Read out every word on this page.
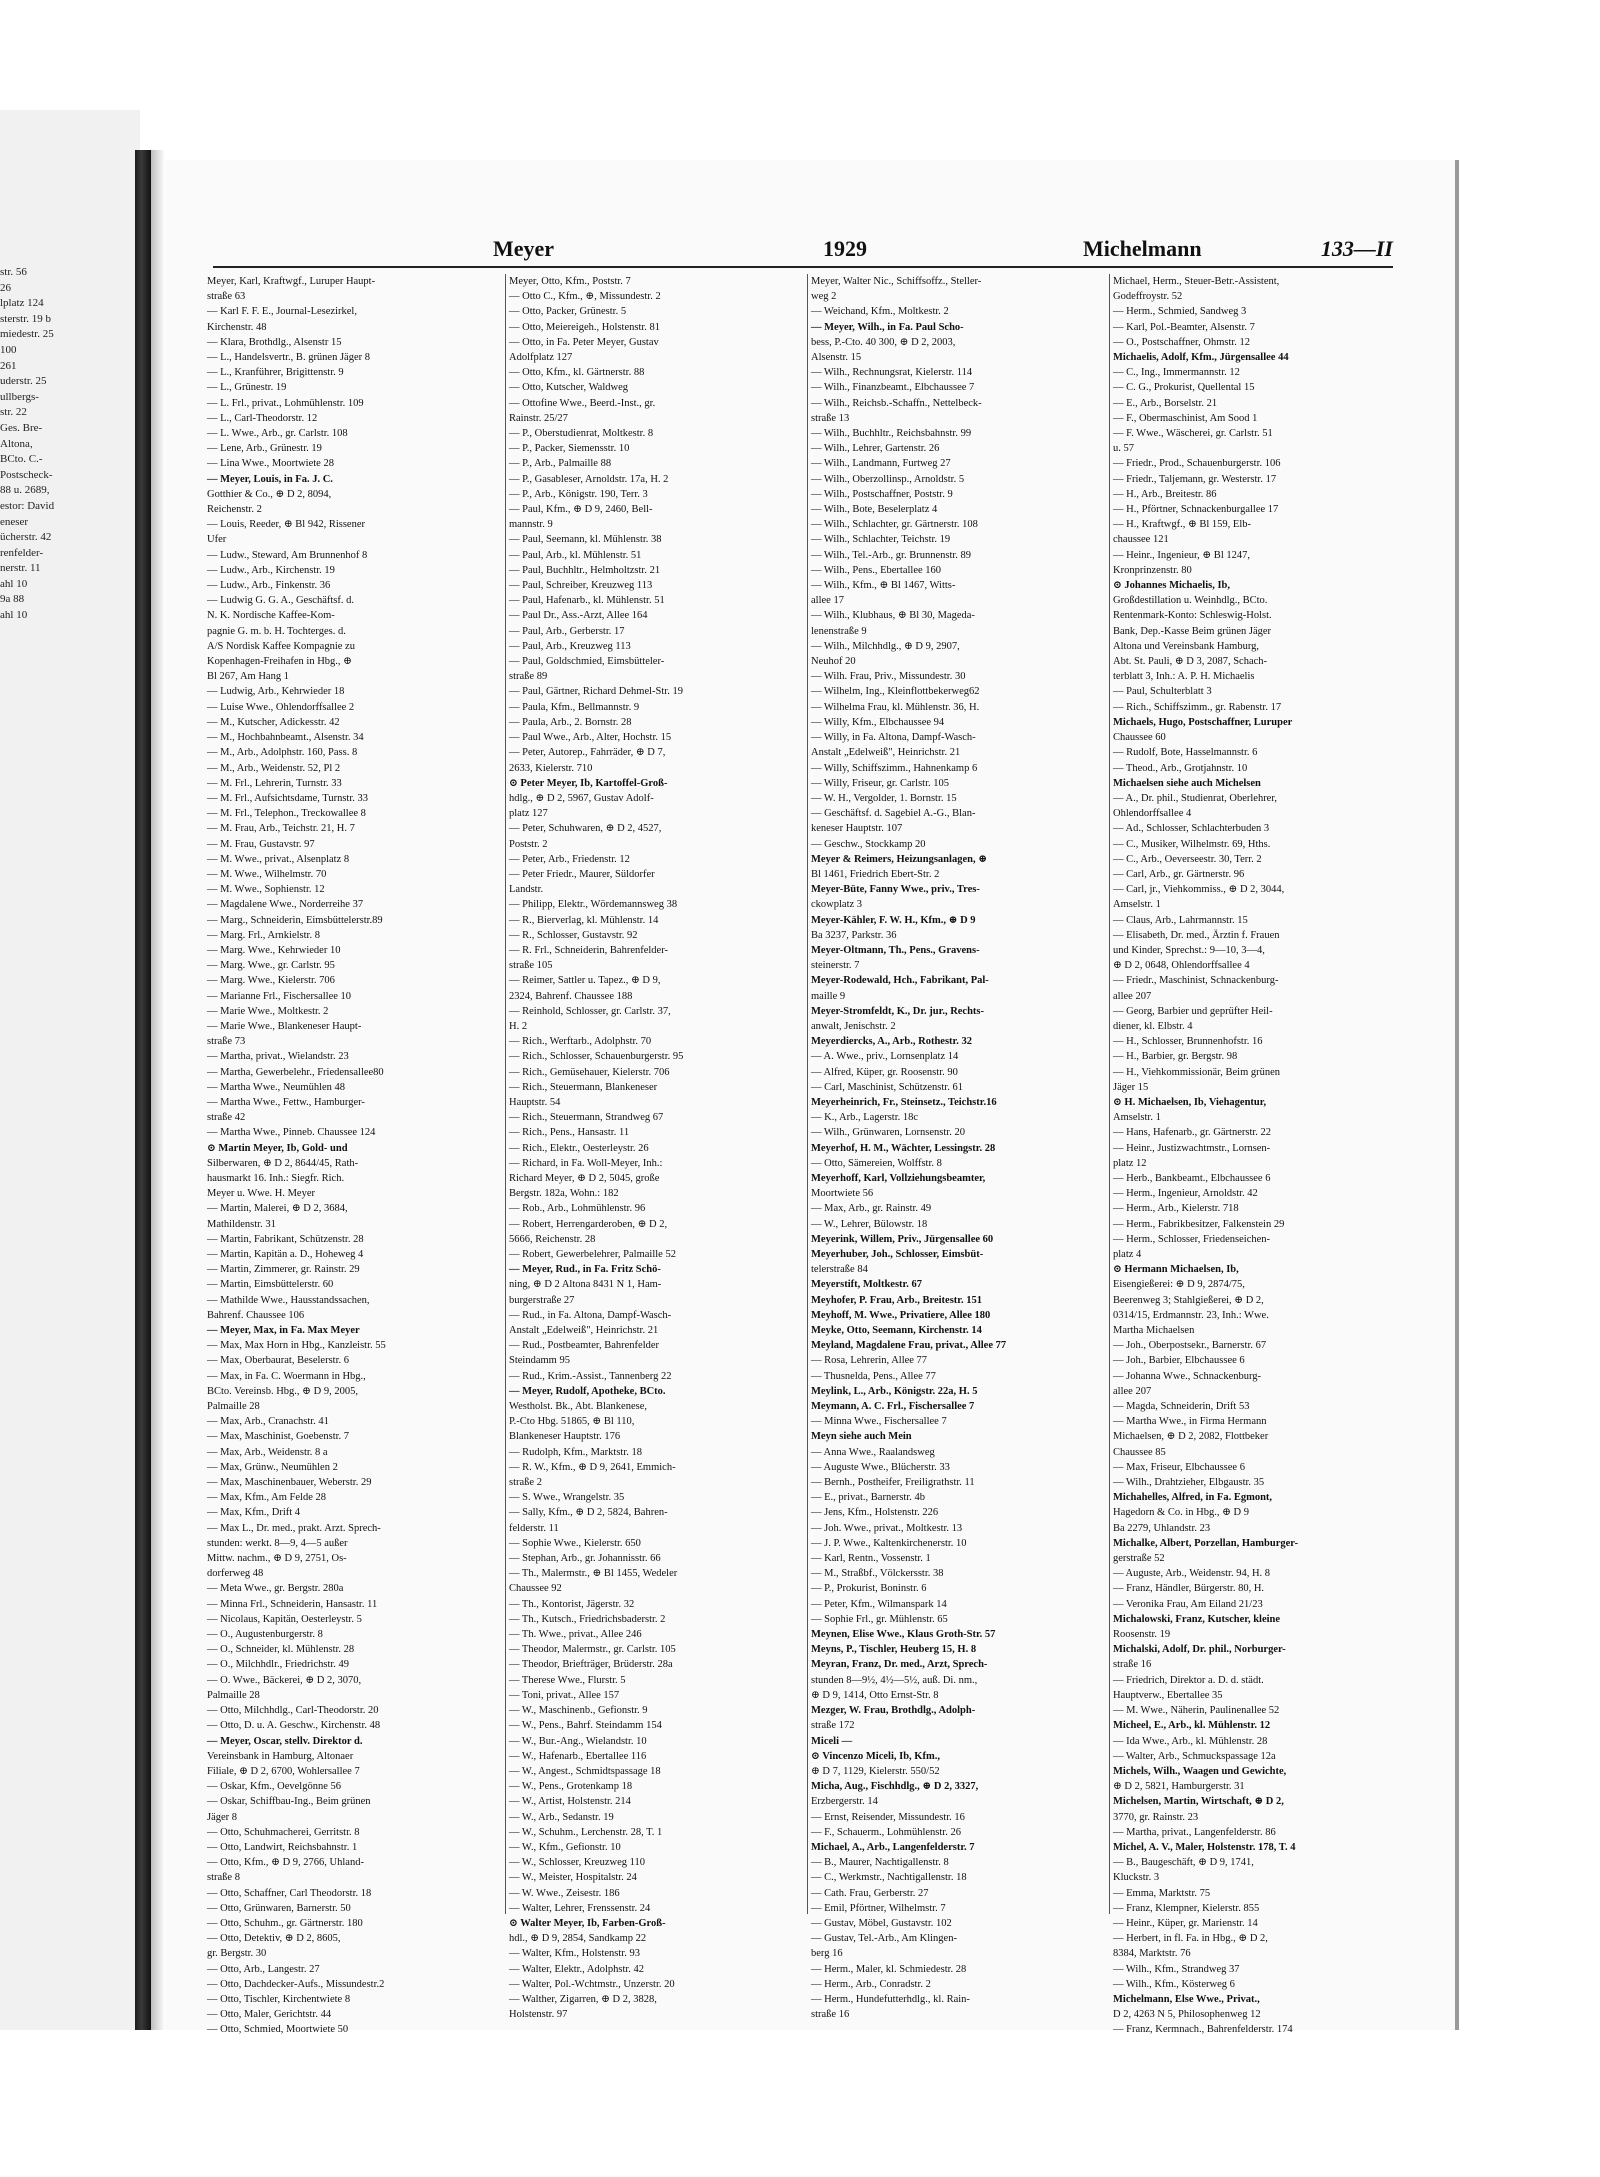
str. 56
26
lplatz 124
sterstr. 19 b
miedestr. 25
100
261
uderstr. 25
ullbergs-
str. 22
Ges. Bre-
Altona,
BCto. C.-
Postscheck-
88 u. 2689,
estor: David
eneser
ücherstr. 42
renfelder-
nerstr. 11
ahl 10
9a 88
ahl 10
Meyer	1929	Michelmann	133—II
Meyer, Karl, Kraftwgf., Luruper Haupt-
straße 63
— Karl F. F. E., Journal-Lesezirkel,
Kirchenstr. 48
— Klara, Brothdlg., Alsenstr 15
— L., Handelsvertr., B. grünen Jäger 8
— L., Kranführer, Brigittenstr. 9
— L., Grünestr. 19
— L. Frl., privat., Lohmühlenstr. 109
— L., Carl-Theodorstr. 12
— L. Wwe., Arb., gr. Carlstr. 108
— Lene, Arb., Grünestr. 19
— Lina Wwe., Moortwiete 28
— Meyer, Louis, in Fa. J. C.
Gotthier & Co., ⊕ D 2, 8094,
Reichenstr. 2
— Louis, Reeder, ⊕ Bl 942, Rissener
Ufer
— Ludw., Steward, Am Brunnenhof 8
— Ludw., Arb., Kirchenstr. 19
— Ludw., Arb., Finkenstr. 36
— Ludwig G. G. A., Geschäftsf. d.
N. K. Nordische Kaffee-Kom-
pagnie G. m. b. H. Tochterges. d.
A/S Nordisk Kaffee Kompagnie zu
Kopenhagen-Freihafen in Hbg., ⊕
Bl 267, Am Hang 1
— Ludwig, Arb., Kehrwieder 18
— Luise Wwe., Ohlendorffsallee 2
— M., Kutscher, Adickesstr. 42
— M., Hochbahnbeamt., Alsenstr. 34
— M., Arb., Adolphstr. 160, Pass. 8
— M., Arb., Weidenstr. 52, Pl 2
— M. Frl., Lehrerin, Turnstr. 33
— M. Frl., Aufsichtsdame, Turnstr. 33
— M. Frl., Telephon., Treckowallee 8
— M. Frau, Arb., Teichstr. 21, H. 7
— M. Frau, Gustavstr. 97
— M. Wwe., privat., Alsenplatz 8
— M. Wwe., Wilhelmstr. 70
— M. Wwe., Sophienstr. 12
— Magdalene Wwe., Norderreihe 37
— Marg., Schneiderin, Eimsbüttelerstr.89
— Marg. Frl., Arnkielstr. 8
— Marg. Wwe., Kehrwieder 10
— Marg. Wwe., gr. Carlstr. 95
— Marg. Wwe., Kielerstr. 706
— Marianne Frl., Fischersallee 10
— Marie Wwe., Moltkestr. 2
— Marie Wwe., Blankeneser Haupt-
straße 73
— Martha, privat., Wielandstr. 23
— Martha, Gewerbelehr., Friedensallee80
— Martha Wwe., Neumühlen 48
— Martha Wwe., Fettw., Hamburger-
straße 42
— Martha Wwe., Pinneb. Chaussee 124
⊙ Martin Meyer, Ib, Gold- und
Silberwaren, ⊕ D 2, 8644/45, Rath-
hausmarkt 16. Inh.: Siegfr. Rich.
Meyer u. Wwe. H. Meyer
— Martin, Malerei, ⊕ D 2, 3684,
Mathildenstr. 31
— Martin, Fabrikant, Schützenstr. 28
— Martin, Kapitän a. D., Hoheweg 4
— Martin, Zimmerer, gr. Rainstr. 29
— Martin, Eimsbüttelerstr. 60
— Mathilde Wwe., Hausstandssachen,
Bahrenf. Chaussee 106
— Meyer, Max, in Fa. Max Meyer
— Max, Max Horn in Hbg., Kanzleistr. 55
— Max, Oberbaurat, Beselerstr. 6
— Max, in Fa. C. Woermann in Hbg.,
BCto. Vereinsb. Hbg., ⊕ D 9, 2005,
Palmaille 28
— Max, Arb., Cranachstr. 41
— Max, Maschinist, Goebenstr. 7
— Max, Arb., Weidenstr. 8 a
— Max, Grünw., Neumühlen 2
— Max, Maschinenbauer, Weberstr. 29
— Max, Kfm., Am Felde 28
— Max, Kfm., Drift 4
— Max L., Dr. med., prakt. Arzt. Sprech-
stunden: werkt. 8—9, 4—5 außer
Mittw. nachm., ⊕ D 9, 2751, Os-
dorferweg 48
— Meta Wwe., gr. Bergstr. 280a
— Minna Frl., Schneiderin, Hansastr. 11
— Nicolaus, Kapitän, Oesterleystr. 5
— O., Augustenburgerstr. 8
— O., Schneider, kl. Mühlenstr. 28
— O., Milchhdlr., Friedrichstr. 49
— O. Wwe., Bäckerei, ⊕ D 2, 3070,
Palmaille 28
— Otto, Milchhdlg., Carl-Theodorstr. 20
— Otto, D. u. A. Geschw., Kirchenstr. 48
— Meyer, Oscar, stellv. Direktor d.
Vereinsbank in Hamburg, Altonaer
Filiale, ⊕ D 2, 6700, Wohlersallee 7
— Oskar, Kfm., Oevelgönne 56
— Oskar, Schiffbau-Ing., Beim grünen
Jäger 8
— Otto, Schuhmacherei, Gerritstr. 8
— Otto, Landwirt, Reichsbahnstr. 1
— Otto, Kfm., ⊕ D 9, 2766, Uhland-
straße 8
— Otto, Schaffner, Carl Theodorstr. 18
— Otto, Grünwaren, Barnerstr. 50
— Otto, Schuhm., gr. Gärtnerstr. 180
— Otto, Detektiv, ⊕ D 2, 8605,
gr. Bergstr. 30
— Otto, Arb., Langestr. 27
— Otto, Dachdecker-Aufs., Missundestr.2
— Otto, Tischler, Kirchentwiete 8
— Otto, Maler, Gerichtstr. 44
— Otto, Schmied, Moortwiete 50
Meyer, Otto, Kfm., Poststr. 7
— Otto C., Kfm., ⊕, Missundestr. 2
— Otto, Packer, Grünestr. 5
— Otto, Meiereigeh., Holstenstr. 81
— Otto, in Fa. Peter Meyer, Gustav
Adolfplatz 127
— Otto, Kfm., kl. Gärtnerstr. 88
— Otto, Kutscher, Waldweg
— Ottofine Wwe., Beerd.-Inst., gr.
Rainstr. 25/27
— P., Oberstudienrat, Moltkestr. 8
— P., Packer, Siemensstr. 10
— P., Arb., Palmaille 88
— P., Gasableser, Arnoldstr. 17a, H. 2
— P., Arb., Königstr. 190, Terr. 3
— Paul, Kfm., ⊕ D 9, 2460, Bell-
mannstr. 9
— Paul, Seemann, kl. Mühlenstr. 38
— Paul, Arb., kl. Mühlenstr. 51
— Paul, Buchhltr., Helmholtzstr. 21
— Paul, Schreiber, Kreuzweg 113
— Paul, Hafenarb., kl. Mühlenstr. 51
— Paul Dr., Ass.-Arzt, Allee 164
— Paul, Arb., Gerberstr. 17
— Paul, Arb., Kreuzweg 113
— Paul, Goldschmied, Eimsbütteler-
straße 89
— Paul, Gärtner, Richard Dehmel-Str. 19
— Paula, Kfm., Bellmannstr. 9
— Paula, Arb., 2. Bornstr. 28
— Paul Wwe., Arb., Alter, Hochstr. 15
— Peter, Autorep., Fahrräder, ⊕ D 7,
2633, Kielerstr. 710
⊙ Peter Meyer, Ib, Kartoffel-Groß-
hdlg., ⊕ D 2, 5967, Gustav Adolf-
platz 127
— Peter, Schuhwaren, ⊕ D 2, 4527,
Poststr. 2
— Peter, Arb., Friedenstr. 12
— Peter Friedr., Maurer, Süldorfer
Landstr.
— Philipp, Elektr., Wördemannsweg 38
— R., Bierverlag, kl. Mühlenstr. 14
— R., Schlosser, Gustavstr. 92
— R. Frl., Schneiderin, Bahrenfelder-
straße 105
— Reimer, Sattler u. Tapez., ⊕ D 9,
2324, Bahrenf. Chaussee 188
— Reinhold, Schlosser, gr. Carlstr. 37,
H. 2
— Rich., Werftarb., Adolphstr. 70
— Rich., Schlosser, Schauenburgerstr. 95
— Rich., Gemüsehauer, Kielerstr. 706
— Rich., Steuermann, Blankeneser
Hauptstr. 54
— Rich., Steuermann, Strandweg 67
— Rich., Pens., Hansastr. 11
— Rich., Elektr., Oesterleystr. 26
— Richard, in Fa. Woll-Meyer, Inh.:
Richard Meyer, ⊕ D 2, 5045, große
Bergstr. 182a, Wohn.: 182
— Rob., Arb., Lohmühlenstr. 96
— Robert, Herrengarderoben, ⊕ D 2,
5666, Reichenstr. 28
— Robert, Gewerbelehrer, Palmaille 52
— Meyer, Rud., in Fa. Fritz Schö-
ning, ⊕ D 2 Altona 8431 N 1, Ham-
burgerstraße 27
— Rud., in Fa. Altona, Dampf-Wasch-
Anstalt „Edelweiß", Heinrichstr. 21
— Rud., Postbeamter, Bahrenfelder
Steindamm 95
— Rud., Krim.-Assist., Tannenberg 22
— Meyer, Rudolf, Apotheke, BCto.
Westholst. Bk., Abt. Blankenese,
P.-Cto Hbg. 51865, ⊕ Bl 110,
Blankeneser Hauptstr. 176
— Rudolph, Kfm., Marktstr. 18
— R. W., Kfm., ⊕ D 9, 2641, Emmich-
straße 2
— S. Wwe., Wrangelstr. 35
— Sally, Kfm., ⊕ D 2, 5824, Bahren-
felderstr. 11
— Sophie Wwe., Kielerstr. 650
— Stephan, Arb., gr. Johannisstr. 66
— Th., Malermstr., ⊕ Bl 1455, Wedeler
Chaussee 92
— Th., Kontorist, Jägerstr. 32
— Th., Kutsch., Friedrichsbaderstr. 2
— Th. Wwe., privat., Allee 246
— Theodor, Malermstr., gr. Carlstr. 105
— Theodor, Briefträger, Brüderstr. 28a
— Therese Wwe., Flurstr. 5
— Toni, privat., Allee 157
— W., Maschinenb., Gefionstr. 9
— W., Pens., Bahrf. Steindamm 154
— W., Bur.-Ang., Wielandstr. 10
— W., Hafenarb., Ebertallee 116
— W., Angest., Schmidtspassage 18
— W., Pens., Grotenkamp 18
— W., Artist, Holstenstr. 214
— W., Arb., Sedanstr. 19
— W., Schuhm., Lerchenstr. 28, T. 1
— W., Kfm., Gefionstr. 10
— W., Schlosser, Kreuzweg 110
— W., Meister, Hospitalstr. 24
— W. Wwe., Zeisestr. 186
— Walter, Lehrer, Frenssenstr. 24
⊙ Walter Meyer, Ib, Farben-Groß-
hdl., ⊕ D 9, 2854, Sandkamp 22
— Walter, Kfm., Holstenstr. 93
— Walter, Elektr., Adolphstr. 42
— Walter, Pol.-Wchtmstr., Unzerstr. 20
— Walther, Zigarren, ⊕ D 2, 3828,
Holstenstr. 97
Meyer, Walter Nic., Schiffsoffz., Steller-
weg 2
— Weichand, Kfm., Moltkestr. 2
— Meyer, Wilh., in Fa. Paul Scho-
bess, P.-Cto. 40 300, ⊕ D 2, 2003,
Alsenstr. 15
— Wilh., Rechnungsrat, Kielerstr. 114
— Wilh., Finanzbeamt., Elbchaussee 7
— Wilh., Reichsb.-Schaffn., Nettelbeck-
straße 13
— Wilh., Buchhltr., Reichsbahnstr. 99
— Wilh., Lehrer, Gartenstr. 26
— Wilh., Landmann, Furtweg 27
— Wilh., Oberzollinsp., Arnoldstr. 5
— Wilh., Postschaffner, Poststr. 9
— Wilh., Bote, Beselerplatz 4
— Wilh., Schlachter, gr. Gärtnerstr. 108
— Wilh., Schlachter, Teichstr. 19
— Wilh., Tel.-Arb., gr. Brunnenstr. 89
— Wilh., Pens., Ebertallee 160
— Wilh., Kfm., ⊕ Bl 1467, Witts-
allee 17
— Wilh., Klubhaus, ⊕ Bl 30, Mageda-
lenenstraße 9
— Wilh., Milchhdlg., ⊕ D 9, 2907,
Neuhof 20
— Wilh. Frau, Priv., Missundestr. 30
— Wilhelm, Ing., Kleinflottbekerweg62
— Wilhelma Frau, kl. Mühlenstr. 36, H.
— Willy, Kfm., Elbchaussee 94
— Willy, in Fa. Altona, Dampf-Wasch-
Anstalt „Edelweiß", Heinrichstr. 21
— Willy, Schiffszimm., Hahnenkamp 6
— Willy, Friseur, gr. Carlstr. 105
— W. H., Vergolder, 1. Bornstr. 15
— Geschäftsf. d. Sagebiel A.-G., Blan-
keneser Hauptstr. 107
— Geschw., Stockkamp 20
Meyer & Reimers, Heizungsanlagen, ⊕
Bl 1461, Friedrich Ebert-Str. 2
Meyer-Büte, Fanny Wwe., priv., Tres-
ckowplatz 3
Meyer-Kähler, F. W. H., Kfm., ⊕ D 9
Ba 3237, Parkstr. 36
Meyer-Oltmann, Th., Pens., Gravens-
steinerstr. 7
Meyer-Rodewald, Hch., Fabrikant, Pal-
maille 9
Meyer-Stromfeldt, K., Dr. jur., Rechts-
anwalt, Jenischstr. 2
Meyerdiercks, A., Arb., Rothestr. 32
— A. Wwe., priv., Lornsenplatz 14
— Alfred, Küper, gr. Roosenstr. 90
— Carl, Maschinist, Schützenstr. 61
Meyerheinrich, Fr., Steinsetz., Teichstr.16
— K., Arb., Lagerstr. 18c
— Wilh., Grünwaren, Lornsenstr. 20
Meyerhof, H. M., Wächter, Lessingstr. 28
— Otto, Sämereien, Wolffstr. 8
Meyerhoff, Karl, Vollziehungsbeamter,
Moortwiete 56
— Max, Arb., gr. Rainstr. 49
— W., Lehrer, Bülowstr. 18
Meyerink, Willem, Priv., Jürgensallee 60
Meyerhuber, Joh., Schlosser, Eimsbüt-
telerstraße 84
Meyerstift, Moltkestr. 67
Meyhofer, P. Frau, Arb., Breitestr. 151
Meyhoff, M. Wwe., Privatiere, Allee 180
Meyke, Otto, Seemann, Kirchenstr. 14
Meyland, Magdalene Frau, privat., Allee 77
— Rosa, Lehrerin, Allee 77
— Thusnelda, Pens., Allee 77
Meylink, L., Arb., Königstr. 22a, H. 5
Meymann, A. C. Frl., Fischersallee 7
— Minna Wwe., Fischersallee 7
Meyn siehe auch Mein
— Anna Wwe., Raalandsweg
— Auguste Wwe., Blücherstr. 33
— Bernh., Postheifer, Freiligrathstr. 11
— E., privat., Barnerstr. 4b
— Jens, Kfm., Holstenstr. 226
— Joh. Wwe., privat., Moltkestr. 13
— J. P. Wwe., Kaltenkirchenerstr. 10
— Karl, Rentn., Vossenstr. 1
— M., Straßbf., Völckersstr. 38
— P., Prokurist, Boninstr. 6
— Peter, Kfm., Wilmanspark 14
— Sophie Frl., gr. Mühlenstr. 65
Meynen, Elise Wwe., Klaus Groth-Str. 57
Meyns, P., Tischler, Heuberg 15, H. 8
Meyran, Franz, Dr. med., Arzt, Sprech-
stunden 8—9½, 4½—5½, auß. Di. nm.,
⊕ D 9, 1414, Otto Ernst-Str. 8
Mezger, W. Frau, Brothdlg., Adolph-
straße 172
Miceli —
⊙ Vincenzo Miceli, Ib, Kfm.,
⊕ D 7, 1129, Kielerstr. 550/52
Micha, Aug., Fischhdlg., ⊕ D 2, 3327,
Erzbergerstr. 14
— Ernst, Reisender, Missundestr. 16
— F., Schauerm., Lohmühlenstr. 26
Michael, A., Arb., Langenfelderstr. 7
— B., Maurer, Nachtigallenstr. 8
— C., Werkmstr., Nachtigallenstr. 18
— Cath. Frau, Gerberstr. 27
— Emil, Pförtner, Wilhelmstr. 7
— Gustav, Möbel, Gustavstr. 102
— Gustav, Tel.-Arb., Am Klingen-
berg 16
— Herm., Maler, kl. Schmiedestr. 28
— Herm., Arb., Conradstr. 2
— Herm., Hundefutterhdlg., kl. Rain-
straße 16
Michael, Herm., Steuer-Betr.-Assistent,
Godeffroystr. 52
— Herm., Schmied, Sandweg 3
— Karl, Pol.-Beamter, Alsenstr. 7
— O., Postschaffner, Ohmstr. 12
Michaelis, Adolf, Kfm., Jürgensallee 44
— C., Ing., Immermannstr. 12
— C. G., Prokurist, Quellental 15
— E., Arb., Borselstr. 21
— F., Obermaschinist, Am Sood 1
— F. Wwe., Wäscherei, gr. Carlstr. 51
u. 57
— Friedr., Prod., Schauenburgerstr. 106
— Friedr., Taljemann, gr. Westerstr. 17
— H., Arb., Breitestr. 86
— H., Pförtner, Schnackenburgallee 17
— H., Kraftwgf., ⊕ Bl 159, Elb-
chaussee 121
— Heinr., Ingenieur, ⊕ Bl 1247,
Kronprinzenstr. 80
⊙ Johannes Michaelis, Ib,
Großdestillation u. Weinhdlg., BCto.
Rentenmark-Konto: Schleswig-Holst.
Bank, Dep.-Kasse Beim grünen Jäger
Altona und Vereinsbank Hamburg,
Abt. St. Pauli, ⊕ D 3, 2087, Schach-
terblatt 3, Inh.: A. P. H. Michaelis
— Paul, Schulterblatt 3
— Rich., Schiffszimm., gr. Rabenstr. 17
Michaels, Hugo, Postschaffner, Luruper
Chaussee 60
— Rudolf, Bote, Hasselmannstr. 6
— Theod., Arb., Grotjahnstr. 10
Michaelsen siehe auch Michelsen
— A., Dr. phil., Studienrat, Oberlehrer,
Ohlendorffsallee 4
— Ad., Schlosser, Schlachterbuden 3
— C., Musiker, Wilhelmstr. 69, Hths.
— C., Arb., Oeverseestr. 30, Terr. 2
— Carl, Arb., gr. Gärtnerstr. 96
— Carl, jr., Viehkommiss., ⊕ D 2, 3044,
Amselstr. 1
— Claus, Arb., Lahrmannstr. 15
— Elisabeth, Dr. med., Ärztin f. Frauen
und Kinder, Sprechst.: 9—10, 3—4,
⊕ D 2, 0648, Ohlendorffsallee 4
— Friedr., Maschinist, Schnackenburg-
allee 207
— Georg, Barbier und geprüfter Heil-
diener, kl. Elbstr. 4
— H., Schlosser, Brunnenhofstr. 16
— H., Barbier, gr. Bergstr. 98
— H., Viehkommissionär, Beim grünen
Jäger 15
⊙ H. Michaelsen, Ib, Viehagentur,
Amselstr. 1
— Hans, Hafenarb., gr. Gärtnerstr. 22
— Heinr., Justizwachtmstr., Lornsen-
platz 12
— Herb., Bankbeamt., Elbchaussee 6
— Herm., Ingenieur, Arnoldstr. 42
— Herm., Arb., Kielerstr. 718
— Herm., Fabrikbesitzer, Falkenstein 29
— Herm., Schlosser, Friedenseichen-
platz 4
⊙ Hermann Michaelsen, Ib,
Eisengießerei: ⊕ D 9, 2874/75,
Beerenweg 3; Stahlgießerei, ⊕ D 2,
0314/15, Erdmannstr. 23, Inh.: Wwe.
Martha Michaelsen
— Joh., Oberpostsekr., Barnerstr. 67
— Joh., Barbier, Elbchaussee 6
— Johanna Wwe., Schnackenburg-
allee 207
— Magda, Schneiderin, Drift 53
— Martha Wwe., in Firma Hermann
Michaelsen, ⊕ D 2, 2082, Flottbeker
Chaussee 85
— Max, Friseur, Elbchaussee 6
— Wilh., Drahtzieher, Elbgaustr. 35
Michahelles, Alfred, in Fa. Egmont,
Hagedorn & Co. in Hbg., ⊕ D 9
Ba 2279, Uhlandstr. 23
Michalke, Albert, Porzellan, Hamburger-
gerstraße 52
— Auguste, Arb., Weidenstr. 94, H. 8
— Franz, Händler, Bürgerstr. 80, H.
— Veronika Frau, Am Eiland 21/23
Michalowski, Franz, Kutscher, kleine
Roosenstr. 19
Michalski, Adolf, Dr. phil., Norburger-
straße 16
— Friedrich, Direktor a. D. d. städt.
Hauptverw., Ebertallee 35
— M. Wwe., Näherin, Paulinenallee 52
Micheel, E., Arb., kl. Mühlenstr. 12
— Ida Wwe., Arb., kl. Mühlenstr. 28
— Walter, Arb., Schmuckspassage 12a
Michels, Wilh., Waagen und Gewichte,
⊕ D 2, 5821, Hamburgerstr. 31
Michelsen, Martin, Wirtschaft, ⊕ D 2,
3770, gr. Rainstr. 23
— Martha, privat., Langenfelderstr. 86
Michel, A. V., Maler, Holstenstr. 178, T. 4
— B., Baugeschäft, ⊕ D 9, 1741,
Kluckstr. 3
— Emma, Marktstr. 75
— Franz, Klempner, Kielerstr. 855
— Heinr., Küper, gr. Marienstr. 14
— Herbert, in fl. Fa. in Hbg., ⊕ D 2,
8384, Marktstr. 76
— Wilh., Kfm., Strandweg 37
— Wilh., Kfm., Kösterweg 6
Michelmann, Else Wwe., Privat.,
D 2, 4263 N 5, Philosophenweg 12
— Franz, Kermnach., Bahrenfelderstr. 174
